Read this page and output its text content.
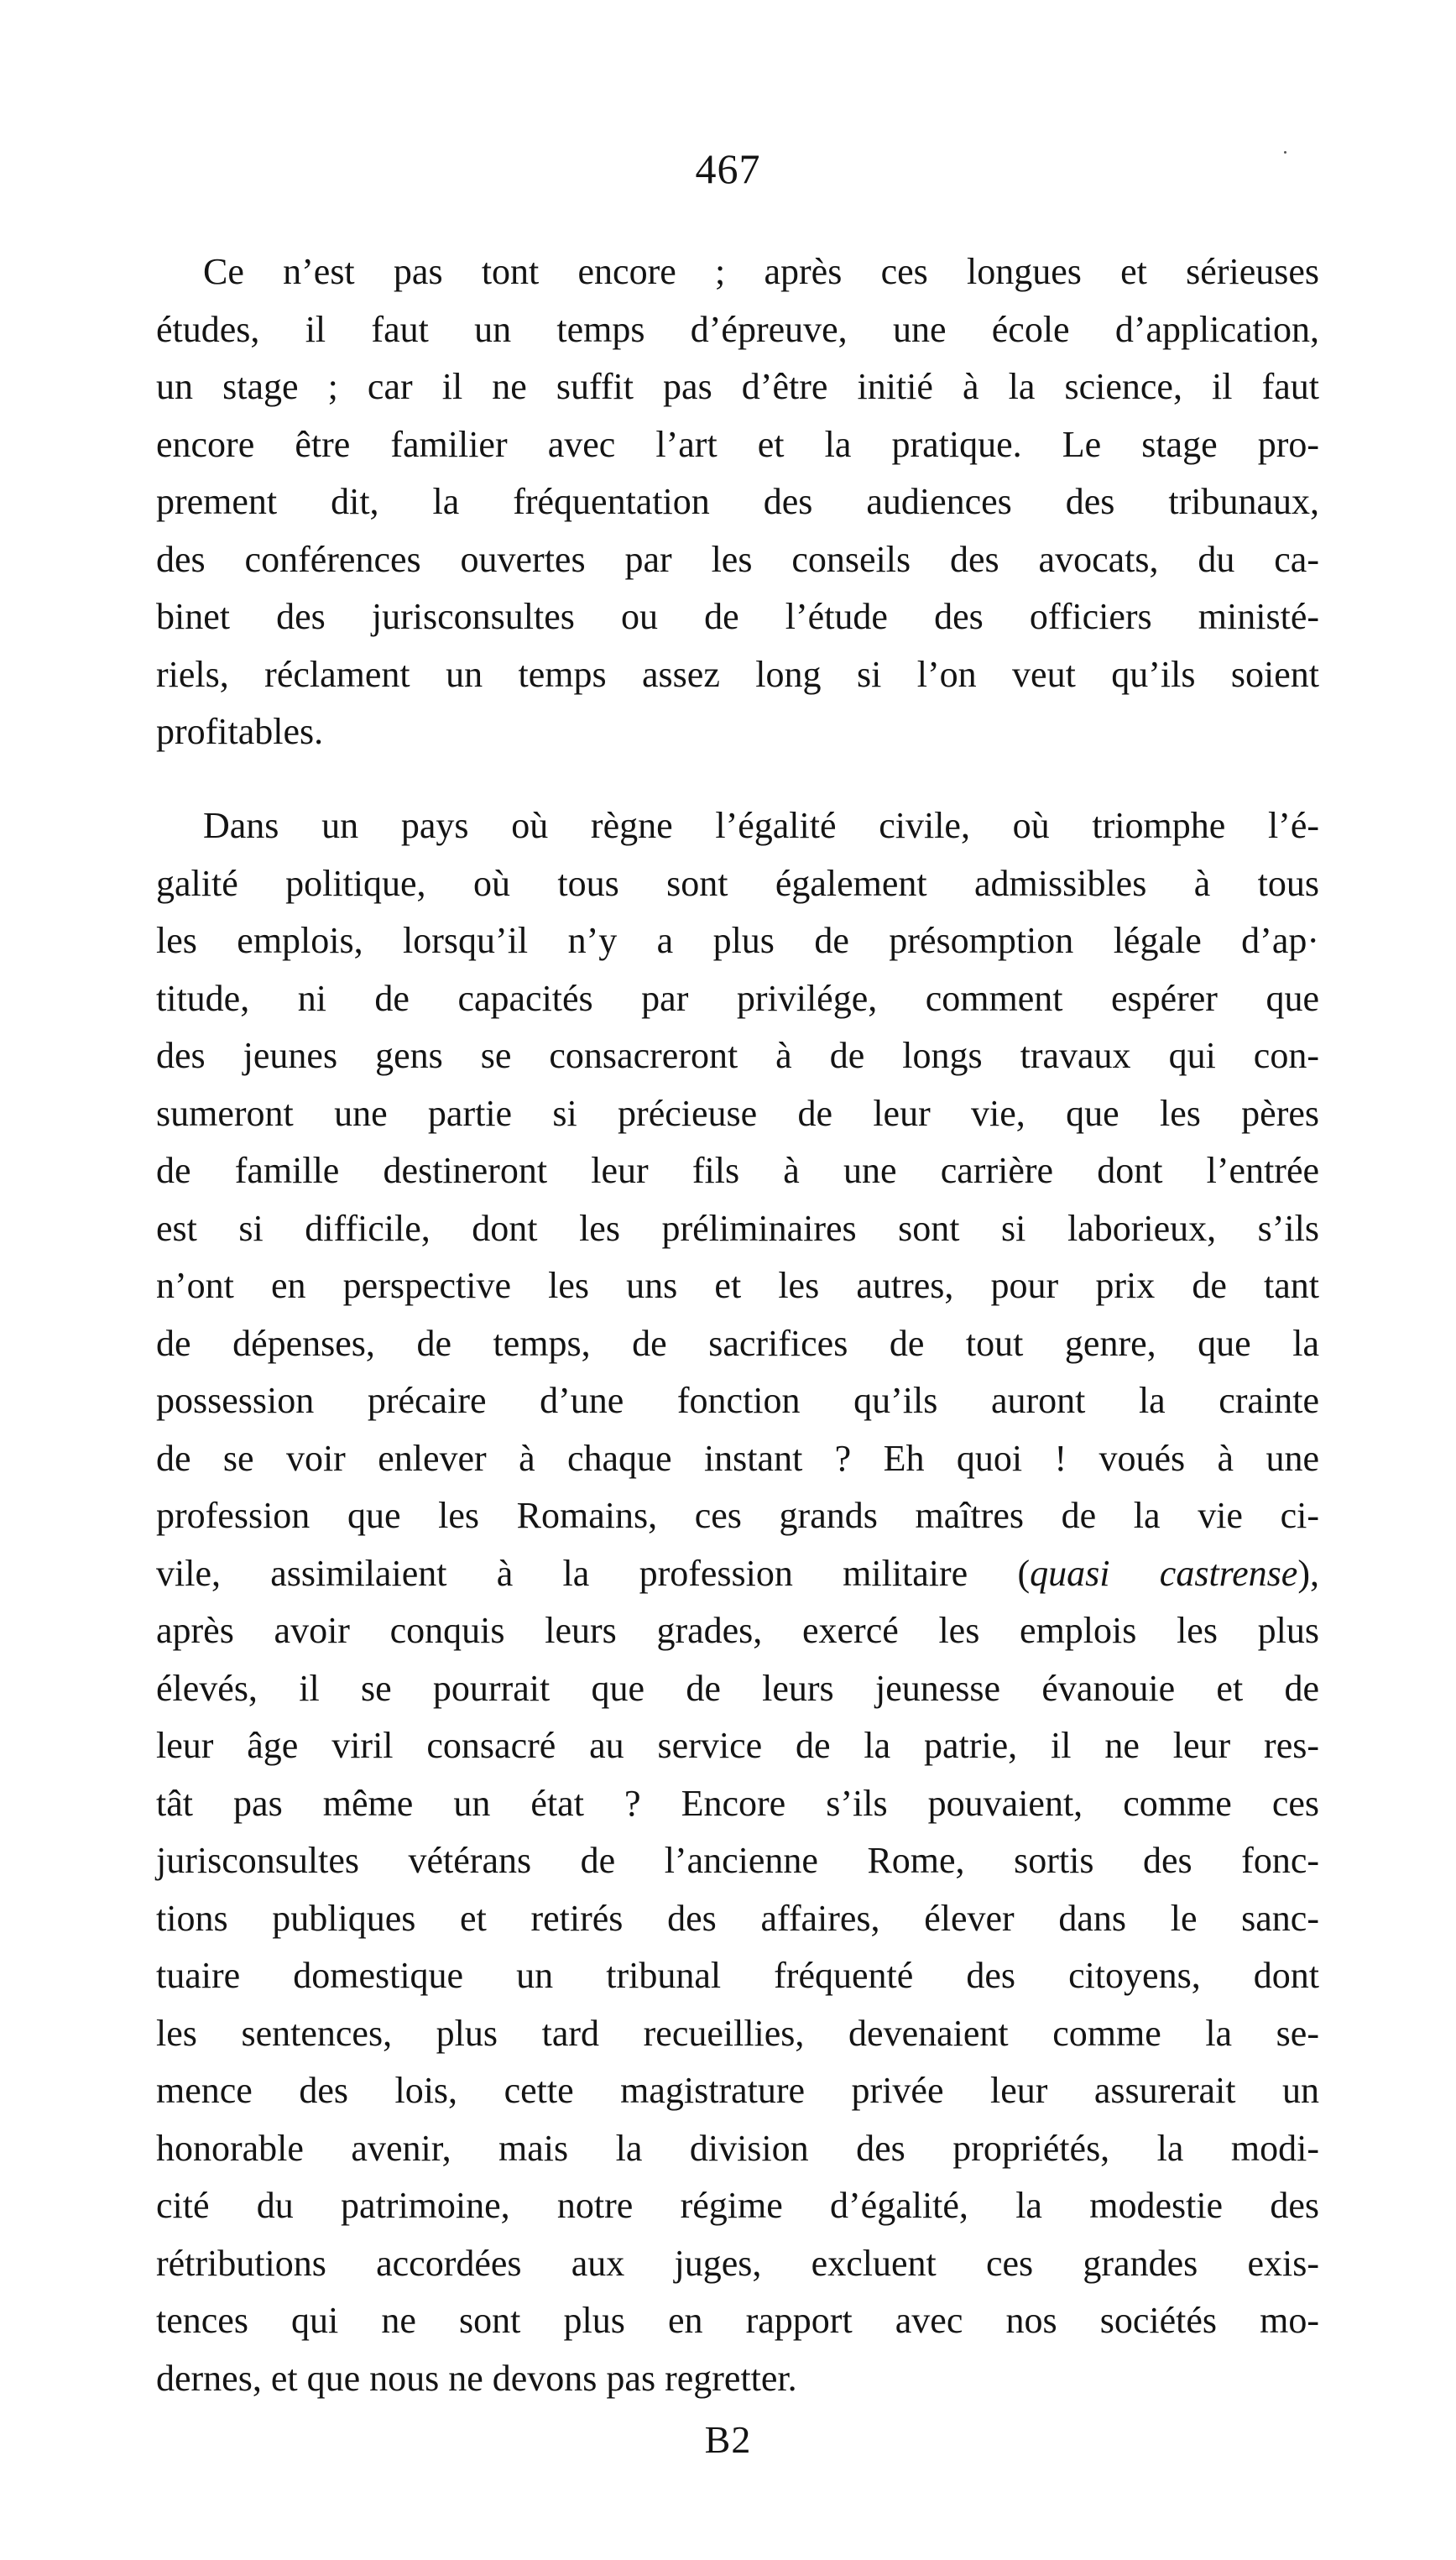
467
Ce n’est pas tont encore ; après ces longues et sérieuses
études, il faut un temps d’épreuve, une école d’application,
un stage ; car il ne suffit pas d’être initié à la science, il faut
encore être familier avec l’art et la pratique. Le stage pro-
prement dit, la fréquentation des audiences des tribunaux,
des conférences ouvertes par les conseils des avocats, du ca-
binet des jurisconsultes ou de l’étude des officiers ministé-
riels, réclament un temps assez long si l’on veut qu’ils soient
profitables.
Dans un pays où règne l’égalité civile, où triomphe l’é-
galité politique, où tous sont également admissibles à tous
les emplois, lorsqu’il n’y a plus de présomption légale d’ap·
titude, ni de capacités par privilége, comment espérer que
des jeunes gens se consacreront à de longs travaux qui con-
sumeront une partie si précieuse de leur vie, que les pères
de famille destineront leur fils à une carrière dont l’entrée
est si difficile, dont les préliminaires sont si laborieux, s’ils
n’ont en perspective les uns et les autres, pour prix de tant
de dépenses, de temps, de sacrifices de tout genre, que la
possession précaire d’une fonction qu’ils auront la crainte
de se voir enlever à chaque instant ? Eh quoi ! voués à une
profession que les Romains, ces grands maîtres de la vie ci-
vile, assimilaient à la profession militaire (quasi castrense),
après avoir conquis leurs grades, exercé les emplois les plus
élevés, il se pourrait que de leurs jeunesse évanouie et de
leur âge viril consacré au service de la patrie, il ne leur res-
tât pas même un état ? Encore s’ils pouvaient, comme ces
jurisconsultes vétérans de l’ancienne Rome, sortis des fonc-
tions publiques et retirés des affaires, élever dans le sanc-
tuaire domestique un tribunal fréquenté des citoyens, dont
les sentences, plus tard recueillies, devenaient comme la se-
mence des lois, cette magistrature privée leur assurerait un
honorable avenir, mais la division des propriétés, la modi-
cité du patrimoine, notre régime d’égalité, la modestie des
rétributions accordées aux juges, excluent ces grandes exis-
tences qui ne sont plus en rapport avec nos sociétés mo-
dernes, et que nous ne devons pas regretter.
B2
